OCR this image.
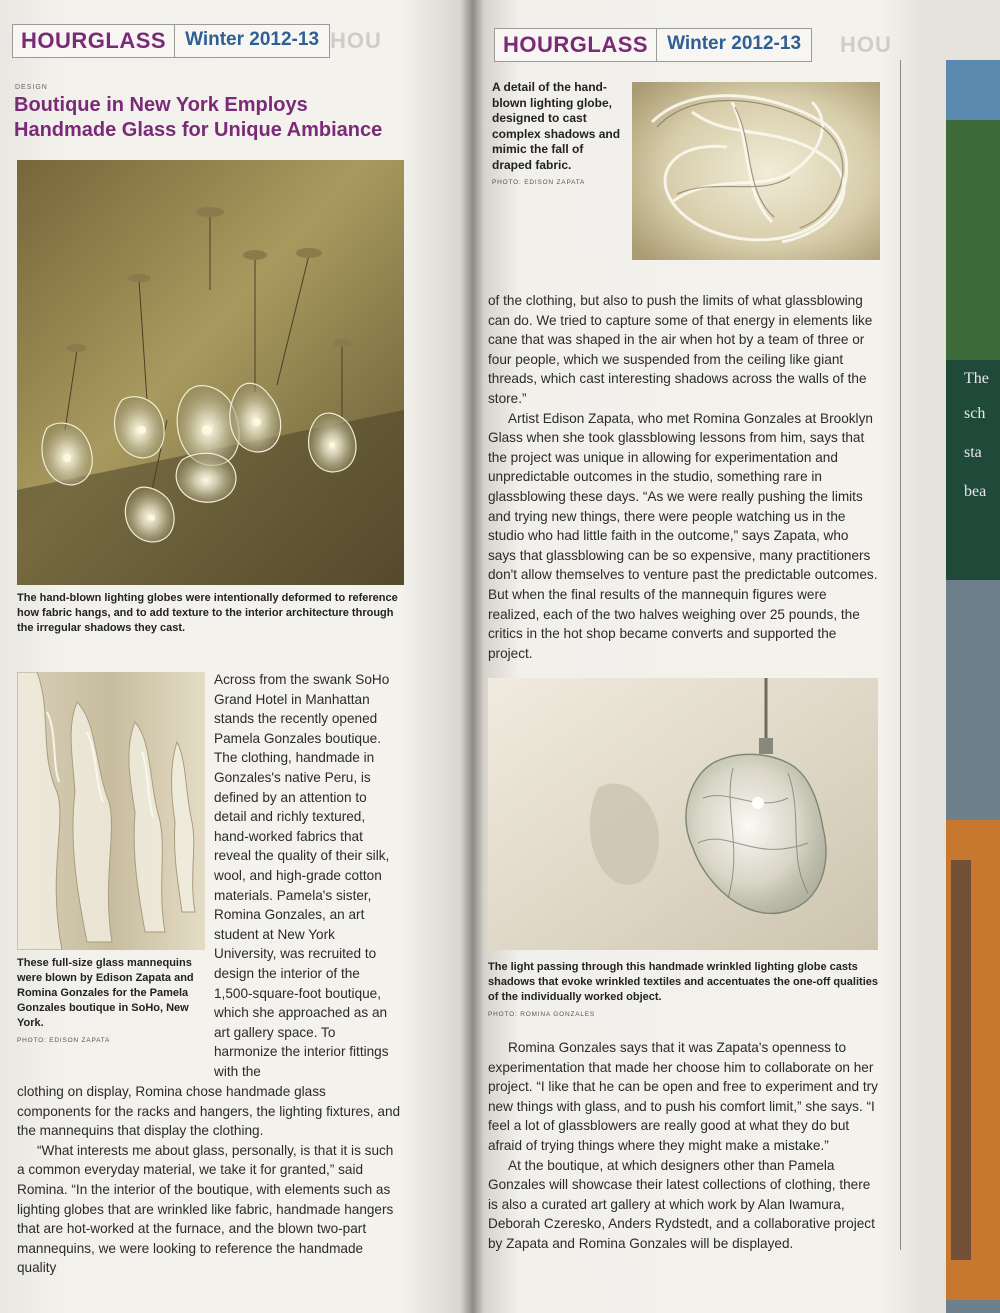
HOURGLASS	Winter 2012-13 HOU
DESIGN
Boutique in New York Employs Handmade Glass for Unique Ambiance
The hand-blown lighting globes were intentionally deformed to reference how fabric hangs, and to add texture to the interior architecture through the irregular shadows they cast.
These full-size glass mannequins were blown by Edison Zapata and Romina Gonzales for the Pamela Gonzales boutique in SoHo, New York.
PHOTO: EDISON ZAPATA

Across from the swank SoHo Grand Hotel in Manhattan stands the recently opened Pamela Gonzales boutique. The clothing, handmade in Gonzales's native Peru, is defined by an attention to detail and richly textured, hand-worked fabrics that reveal the quality of their silk, wool, and high-grade cotton materials. Pamela's sister, Romina Gonzales, an art student at New York University, was recruited to design the interior of the 1,500-square-foot boutique, which she approached as an art gallery space. To harmonize the interior fittings with the

clothing on display, Romina chose handmade glass components for the racks and hangers, the lighting fixtures, and the mannequins that display the clothing.

“What interests me about glass, personally, is that it is such a common everyday material, we take it for granted,” said Romina. “In the interior of the boutique, with elements such as lighting globes that are wrinkled like fabric, handmade hangers that are hot-worked at the furnace, and the blown two-part mannequins, we were looking to reference the handmade quality

HOURGLASS	Winter 2012-13	HOU
A detail of the hand-blown lighting globe, designed to cast complex shadows and mimic the fall of draped fabric.
PHOTO: EDISON ZAPATA

of the clothing, but also to push the limits of what glassblowing can do. We tried to capture some of that energy in elements like cane that was shaped in the air when hot by a team of three or four people, which we suspended from the ceiling like giant threads, which cast interesting shadows across the walls of the store.”

Artist Edison Zapata, who met Romina Gonzales at Brooklyn Glass when she took glassblowing lessons from him, says that the project was unique in allowing for experimentation and unpredictable outcomes in the studio, something rare in glassblowing these days. “As we were really pushing the limits and trying new things, there were people watching us in the studio who had little faith in the outcome,” says Zapata, who says that glassblowing can be so expensive, many practitioners don't allow themselves to venture past the predictable outcomes. But when the final results of the mannequin figures were realized, each of the two halves weighing over 25 pounds, the critics in the hot shop became converts and supported the project.

The light passing through this handmade wrinkled lighting globe casts shadows that evoke wrinkled textiles and accentuates the one-off qualities of the individually worked object.
PHOTO: ROMINA GONZALES

Romina Gonzales says that it was Zapata's openness to experimentation that made her choose him to collaborate on her project. “I like that he can be open and free to experiment and try new things with glass, and to push his comfort limit,” she says. “I feel a lot of glassblowers are really good at what they do but afraid of trying things where they might make a mistake.”

At the boutique, at which designers other than Pamela Gonzales will showcase their latest collections of clothing, there is also a curated art gallery at which work by Alan Iwamura, Deborah Czeresko, Anders Rydstedt, and a collaborative project by Zapata and Romina Gonzales will be displayed.

The
sch
sta
bea
